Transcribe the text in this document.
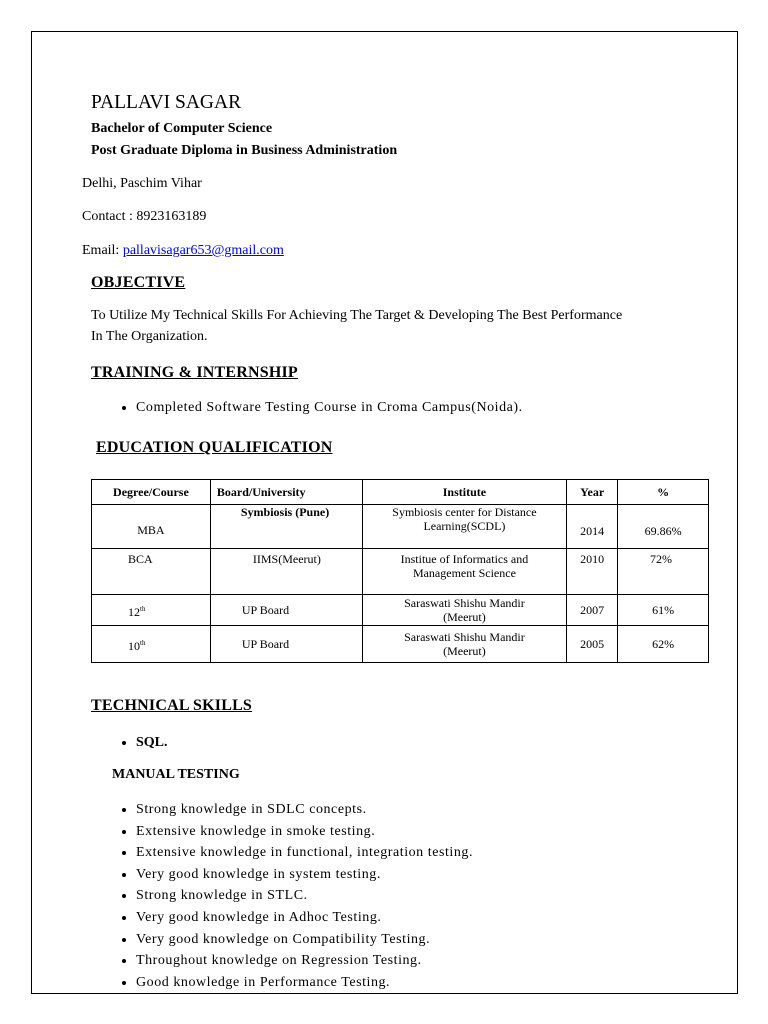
PALLAVI SAGAR
Bachelor of Computer Science
Post Graduate Diploma in Business Administration
Delhi, Paschim Vihar
Contact : 8923163189
Email: pallavisagar653@gmail.com
OBJECTIVE
To Utilize My Technical Skills For Achieving The Target & Developing The Best Performance
In The Organization.
TRAINING & INTERNSHIP
• Completed Software Testing Course in Croma Campus(Noida).
EDUCATION QUALIFICATION
Degree/Course	Board/University	Institute	Year	%
MBA	Symbiosis (Pune)	Symbiosis center for Distance
Learning(SCDL)	2014	69.86%
BCA	IIMS(Meerut)	Institue of Informatics and
Management Science	2010	72%
12th	UP Board	Saraswati Shishu Mandir
(Meerut)	2007	61%
10th	UP Board	Saraswati Shishu Mandir
(Meerut)	2005	62%
TECHNICAL SKILLS
• SQL.
MANUAL TESTING
• Strong knowledge in SDLC concepts.
• Extensive knowledge in smoke testing.
• Extensive knowledge in functional, integration testing.
• Very good knowledge in system testing.
• Strong knowledge in STLC.
• Very good knowledge in Adhoc Testing.
• Very good knowledge on Compatibility Testing.
• Throughout knowledge on Regression Testing.
• Good knowledge in Performance Testing.
